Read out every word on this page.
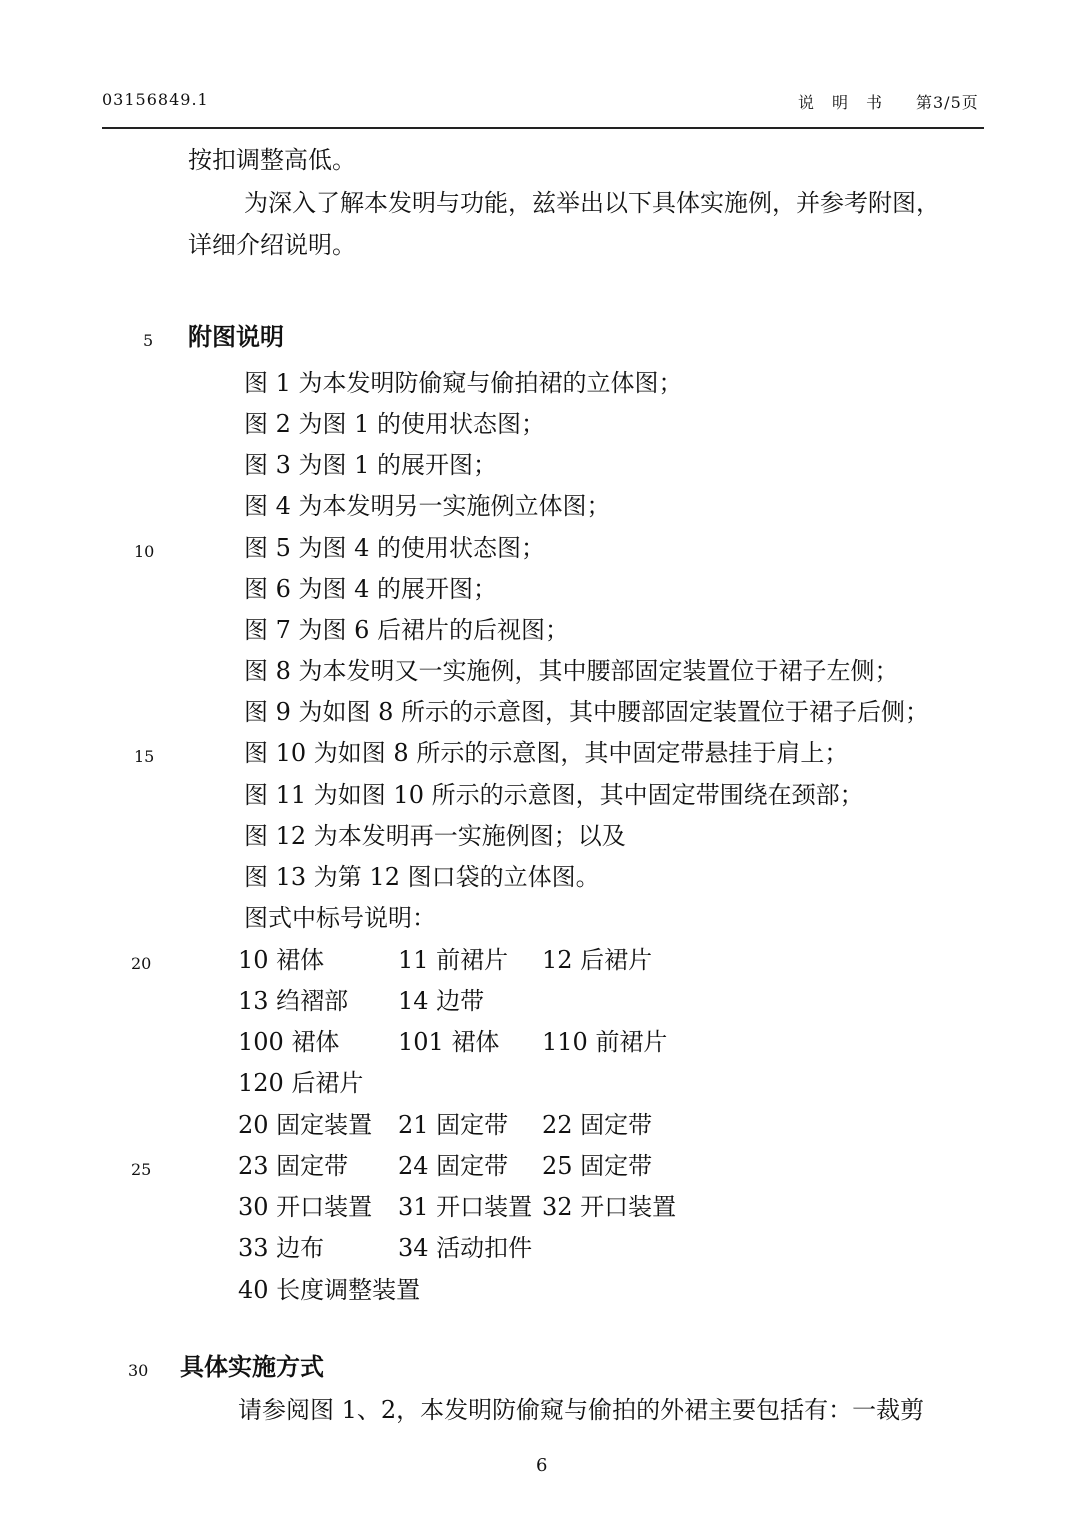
03156849.1	说　明　书 第3/5页
按扣调整高低。
为深入了解本发明与功能，兹举出以下具体实施例，并参考附图，
详细介绍说明。
附图说明
图 1 为本发明防偷窥与偷拍裙的立体图；
图 2 为图 1 的使用状态图；
图 3 为图 1 的展开图；
图 4 为本发明另一实施例立体图；
图 5 为图 4 的使用状态图；
图 6 为图 4 的展开图；
图 7 为图 6 后裙片的后视图；
图 8 为本发明又一实施例，其中腰部固定装置位于裙子左侧；
图 9 为如图 8 所示的示意图，其中腰部固定装置位于裙子后侧；
图 10 为如图 8 所示的示意图，其中固定带悬挂于肩上；
图 11 为如图 10 所示的示意图，其中固定带围绕在颈部；
图 12 为本发明再一实施例图；以及
图 13 为第 12 图口袋的立体图。
图式中标号说明：
10 裙体	11 前裙片 12 后裙片
13 绉褶部 14 边带
100 裙体 101 裙体 110 前裙片
120 后裙片
20 固定装置 21 固定带 22 固定带
23 固定带 24 固定带 25 固定带
30 开口装置 31 开口装置 32 开口装置
33 边布	34 活动扣件
40 长度调整装置
具体实施方式
请参阅图 1、2，本发明防偷窥与偷拍的外裙主要包括有：一裁剪
5
10
15
20
25
30
6
